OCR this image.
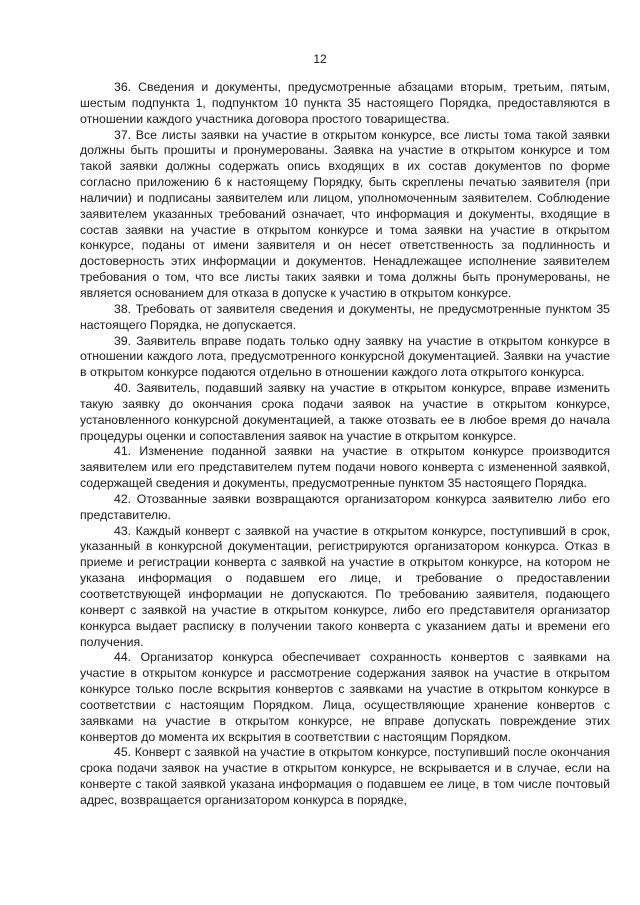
12

36. Сведения и документы, предусмотренные абзацами вторым, третьим, пятым, шестым подпункта 1, подпунктом 10 пункта 35 настоящего Порядка, предоставляются в отношении каждого участника договора простого товарищества.

37. Все листы заявки на участие в открытом конкурсе, все листы тома такой заявки должны быть прошиты и пронумерованы. Заявка на участие в открытом конкурсе и том такой заявки должны содержать опись входящих в их состав документов по форме согласно приложению 6 к настоящему Порядку, быть скреплены печатью заявителя (при наличии) и подписаны заявителем или лицом, уполномоченным заявителем. Соблюдение заявителем указанных требований означает, что информация и документы, входящие в состав заявки на участие в открытом конкурсе и тома заявки на участие в открытом конкурсе, поданы от имени заявителя и он несет ответственность за подлинность и достоверность этих информации и документов. Ненадлежащее исполнение заявителем требования о том, что все листы таких заявки и тома должны быть пронумерованы, не является основанием для отказа в допуске к участию в открытом конкурсе.

38. Требовать от заявителя сведения и документы, не предусмотренные пунктом 35 настоящего Порядка, не допускается.

39. Заявитель вправе подать только одну заявку на участие в открытом конкурсе в отношении каждого лота, предусмотренного конкурсной документацией. Заявки на участие в открытом конкурсе подаются отдельно в отношении каждого лота открытого конкурса.

40. Заявитель, подавший заявку на участие в открытом конкурсе, вправе изменить такую заявку до окончания срока подачи заявок на участие в открытом конкурсе, установленного конкурсной документацией, а также отозвать ее в любое время до начала процедуры оценки и сопоставления заявок на участие в открытом конкурсе.

41. Изменение поданной заявки на участие в открытом конкурсе производится заявителем или его представителем путем подачи нового конверта с измененной заявкой, содержащей сведения и документы, предусмотренные пунктом 35 настоящего Порядка.

42. Отозванные заявки возвращаются организатором конкурса заявителю либо его представителю.

43. Каждый конверт с заявкой на участие в открытом конкурсе, поступивший в срок, указанный в конкурсной документации, регистрируются организатором конкурса. Отказ в приеме и регистрации конверта с заявкой на участие в открытом конкурсе, на котором не указана информация о подавшем его лице, и требование о предоставлении соответствующей информации не допускаются. По требованию заявителя, подающего конверт с заявкой на участие в открытом конкурсе, либо его представителя организатор конкурса выдает расписку в получении такого конверта с указанием даты и времени его получения.

44. Организатор конкурса обеспечивает сохранность конвертов с заявками на участие в открытом конкурсе и рассмотрение содержания заявок на участие в открытом конкурсе только после вскрытия конвертов с заявками на участие в открытом конкурсе в соответствии с настоящим Порядком. Лица, осуществляющие хранение конвертов с заявками на участие в открытом конкурсе, не вправе допускать повреждение этих конвертов до момента их вскрытия в соответствии с настоящим Порядком.

45. Конверт с заявкой на участие в открытом конкурсе, поступивший после окончания срока подачи заявок на участие в открытом конкурсе, не вскрывается и в случае, если на конверте с такой заявкой указана информация о подавшем ее лице, в том числе почтовый адрес, возвращается организатором конкурса в порядке,
